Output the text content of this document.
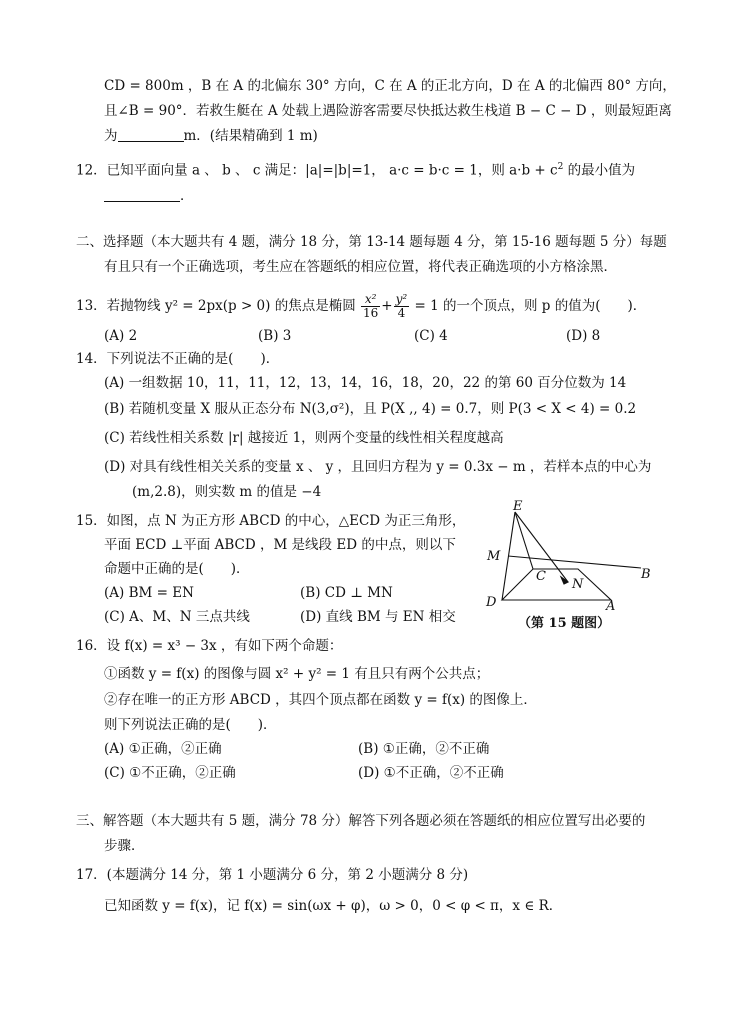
CD = 800m ，B 在 A 的北偏东 30° 方向，C 在 A 的正北方向，D 在 A 的北偏西 80° 方向，
且∠B = 90°．若救生艇在 A 处载上遇险游客需要尽快抵达救生栈道 B − C − D ，则最短距离
为	m．(结果精确到 1 m)
12．已知平面向量 a 、 b 、 c 满足：|a|=|b|=1， a·c = b·c = 1，则 $a\cdot b + c^2$ 的最小值为
．
二、选择题（本大题共有 4 题，满分 18 分，第 13-14 题每题 4 分，第 15-16 题每题 5 分）每题
有且只有一个正确选项，考生应在答题纸的相应位置，将代表正确选项的小方格涂黑．
13．若抛物线 y² = 2px(p > 0) 的焦点是椭圆 $\frac{\text{x²}}{16} + \frac{\text{y²}}{4} = 1$ 的一个顶点，则 p 的值为(　　)．
(A) 2	(B) 3	(C) 4	(D) 8
14．下列说法不正确的是(　　)．
(A) 一组数据 10，11，11，12，13，14，16，18，20，22 的第 60 百分位数为 14
(B) 若随机变量 X 服从正态分布 N(3,σ²)，且 P(X ,, 4) = 0.7，则 P(3 < X < 4) = 0.2
(C) 若线性相关系数 |r| 越接近 1，则两个变量的线性相关程度越高
(D) 对具有线性相关关系的变量 x 、 y ，且回归方程为 y = 0.3x − m ，若样本点的中心为
(m,2.8)，则实数 m 的值是 −4
15．如图，点 N 为正方形 ABCD 的中心，△ECD 为正三角形，
平面 ECD ⊥平面 ABCD ，M 是线段 ED 的中点，则以下
命题中正确的是(　　)．
(A) BM = EN	(B) CD ⊥ MN
(C) A、M、N 三点共线	(D) 直线 BM 与 EN 相交
E
M
C
N
B
D	A
（第 15 题图）
16．设 f(x) = x³ − 3x ，有如下两个命题：
①函数 y = f(x) 的图像与圆 x² + y² = 1 有且只有两个公共点；
②存在唯一的正方形 ABCD ，其四个顶点都在函数 y = f(x) 的图像上．
则下列说法正确的是(　　)．
(A) ①正确，②正确	(B) ①正确，②不正确
(C) ①不正确，②正确	(D) ①不正确，②不正确
三、解答题（本大题共有 5 题，满分 78 分）解答下列各题必须在答题纸的相应位置写出必要的
步骤．
17．(本题满分 14 分，第 1 小题满分 6 分，第 2 小题满分 8 分)
已知函数 y = f(x)，记 f(x) = sin(ωx + φ)，ω > 0，0 < φ < π，x ∈ R．
